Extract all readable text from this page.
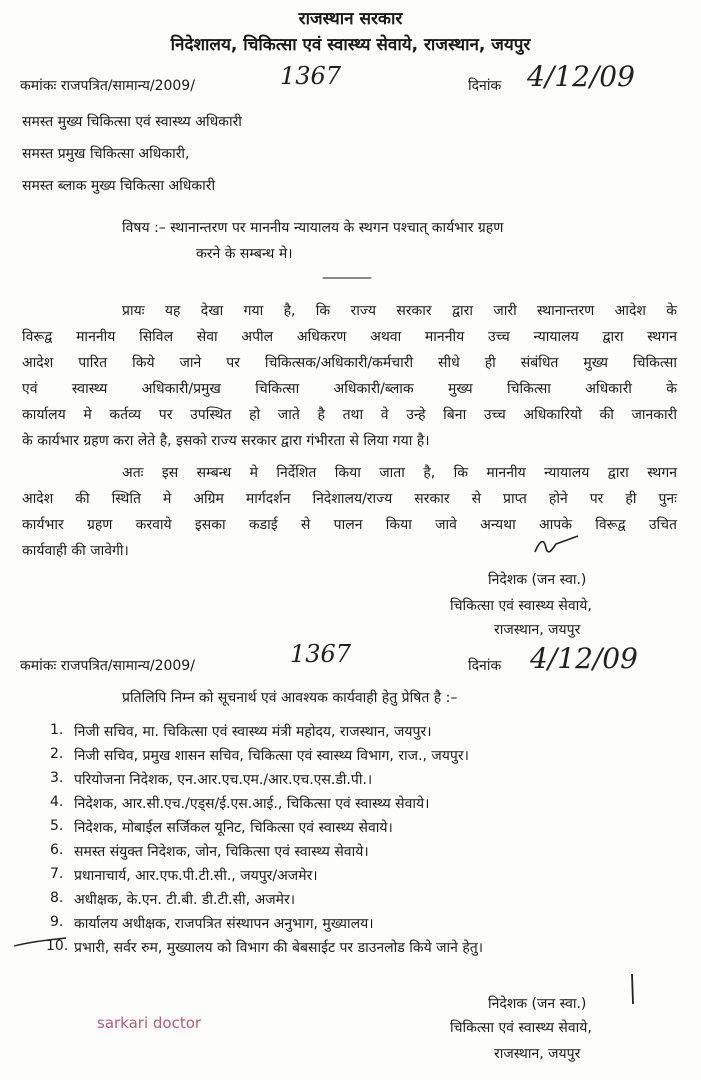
राजस्थान सरकार
निदेशालय, चिकित्सा एवं स्वास्थ्य सेवाये, राजस्थान, जयपुर
कमांकः राजपत्रित/सामान्य/2009/	1367	दिनांक 4/12/09
समस्त मुख्य चिकित्सा एवं स्वास्थ्य अधिकारी
समस्त प्रमुख चिकित्सा अधिकारी,
समस्त ब्लाक मुख्य चिकित्सा अधिकारी
विषय :– स्थानान्तरण पर माननीय न्यायालय के स्थगन पश्चात् कार्यभार ग्रहण
करने के सम्बन्ध मे।
————
प्रायः यह देखा गया है, कि राज्य सरकार द्वारा जारी स्थानान्तरण आदेश के
विरूद्व माननीय सिविल सेवा अपील अधिकरण अथवा माननीय उच्च न्यायालय द्वारा स्थगन
आदेश पारित किये जाने पर चिकित्सक/अधिकारी/कर्मचारी सीधे ही संबंधित मुख्य चिकित्सा
एवं स्वास्थ्य अधिकारी/प्रमुख चिकित्सा अधिकारी/ब्लाक मुख्य चिकित्सा अधिकारी के
कार्यालय मे कर्तव्य पर उपस्थित हो जाते है तथा वे उन्हे बिना उच्च अधिकारियो की जानकारी
के कार्यभार ग्रहण करा लेते है, इसको राज्य सरकार द्वारा गंभीरता से लिया गया है।
अतः इस सम्बन्ध मे निर्देशित किया जाता है, कि माननीय न्यायालय द्वारा स्थगन
आदेश की स्थिति मे अग्रिम मार्गदर्शन निदेशालय/राज्य सरकार से प्राप्त होने पर ही पुनः
कार्यभार ग्रहण करवाये इसका कडाई से पालन किया जावे अन्यथा आपके विरूद्व उचित
कार्यवाही की जावेगी।
निदेशक (जन स्वा.)
चिकित्सा एवं स्वास्थ्य सेवाये,
राजस्थान, जयपुर
कमांकः राजपत्रित/सामान्य/2009/	1367	दिनांक 4/12/09
प्रतिलिपि निम्न को सूचनार्थ एवं आवश्यक कार्यवाही हेतु प्रेषित है :–
1. निजी सचिव, मा. चिकित्सा एवं स्वास्थ्य मंत्री महोदय, राजस्थान, जयपुर।
2. निजी सचिव, प्रमुख शासन सचिव, चिकित्सा एवं स्वास्थ्य विभाग, राज., जयपुर।
3. परियोजना निदेशक, एन.आर.एच.एम./आर.एच.एस.डी.पी.।
4. निदेशक, आर.सी.एच./एड्स/ई.एस.आई., चिकित्सा एवं स्वास्थ्य सेवाये।
5. निदेशक, मोबाईल सर्जिकल यूनिट, चिकित्सा एवं स्वास्थ्य सेवाये।
6. समस्त संयुक्त निदेशक, जोन, चिकित्सा एवं स्वास्थ्य सेवाये।
7. प्रधानाचार्य, आर.एफ.पी.टी.सी., जयपुर/अजमेर।
8. अधीक्षक, के.एन. टी.बी. डी.टी.सी, अजमेर।
9. कार्यालय अधीक्षक, राजपत्रित संस्थापन अनुभाग, मुख्यालय।
10. प्रभारी, सर्वर रुम, मुख्यालय को विभाग की बेबसाईट पर डाउनलोड किये जाने हेतु।
निदेशक (जन स्वा.)
चिकित्सा एवं स्वास्थ्य सेवाये,
राजस्थान, जयपुर
sarkari doctor
